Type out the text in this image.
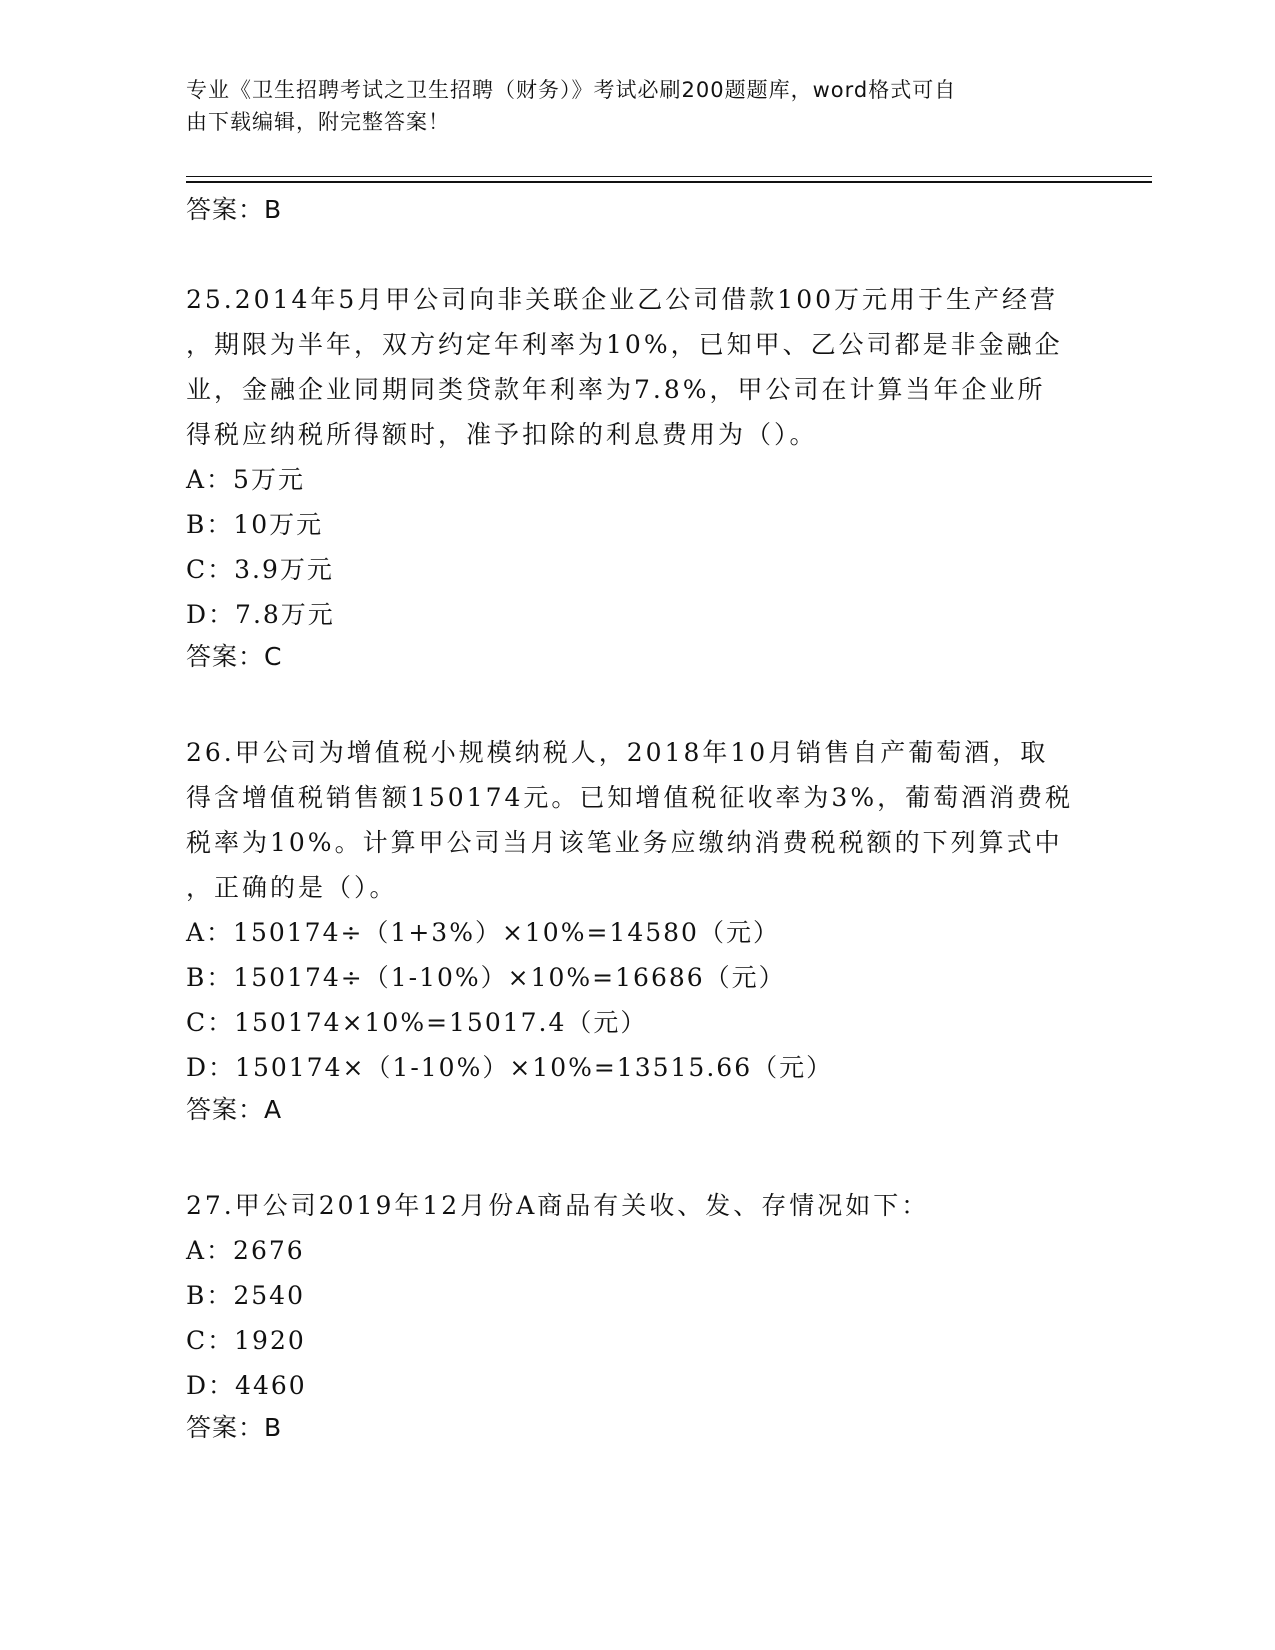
专业《卫生招聘考试之卫生招聘（财务）》考试必刷200题题库，word格式可自
由下载编辑，附完整答案！
答案：B
25.2014年5月甲公司向非关联企业乙公司借款100万元用于生产经营
，期限为半年，双方约定年利率为10%，已知甲、乙公司都是非金融企
业，金融企业同期同类贷款年利率为7.8%，甲公司在计算当年企业所
得税应纳税所得额时，准予扣除的利息费用为（）。
A：5万元
B：10万元
C：3.9万元
D：7.8万元
答案：C
26.甲公司为增值税小规模纳税人，2018年10月销售自产葡萄酒，取
得含增值税销售额150174元。已知增值税征收率为3%，葡萄酒消费税
税率为10%。计算甲公司当月该笔业务应缴纳消费税税额的下列算式中
，正确的是（）。
A：150174÷（1+3%）×10%=14580（元）
B：150174÷（1-10%）×10%=16686（元）
C：150174×10%=15017.4（元）
D：150174×（1-10%）×10%=13515.66（元）
答案：A
27.甲公司2019年12月份A商品有关收、发、存情况如下：
A：2676
B：2540
C：1920
D：4460
答案：B
